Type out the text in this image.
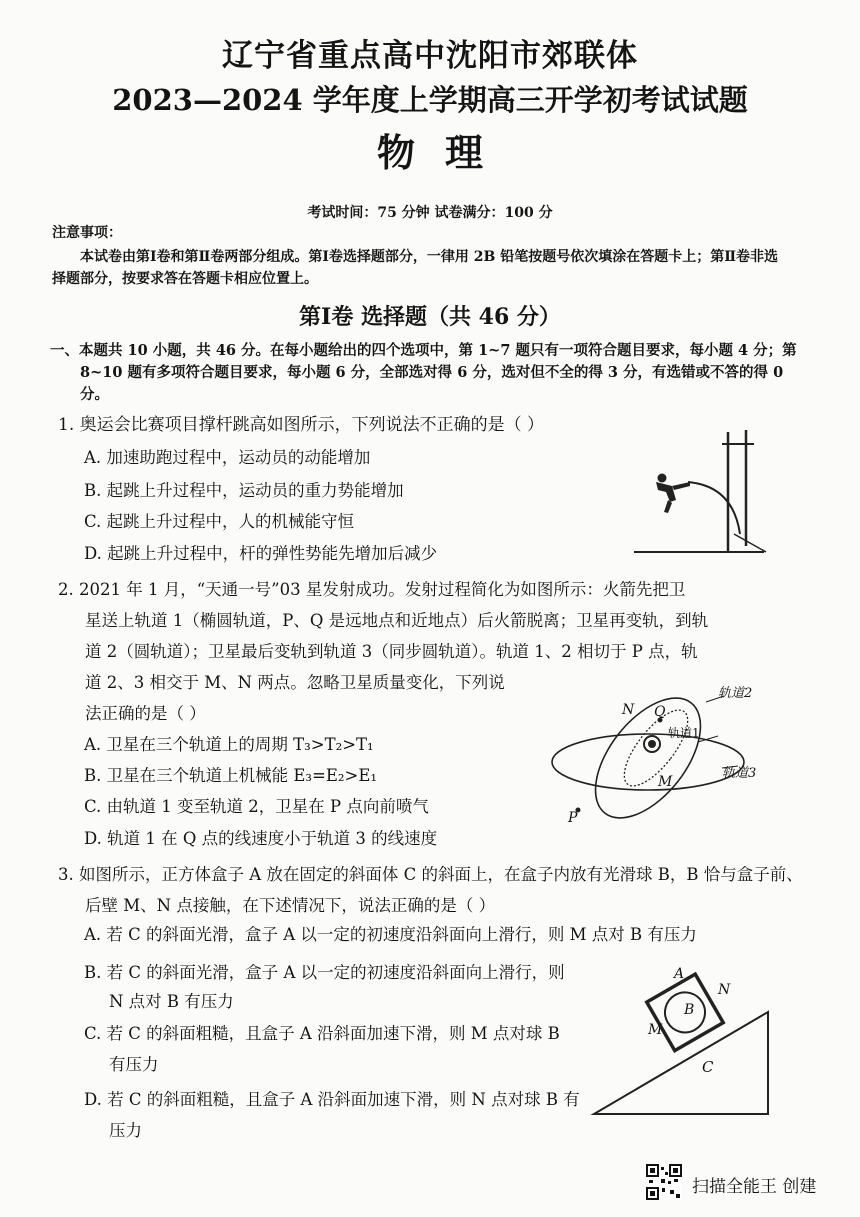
辽宁省重点高中沈阳市郊联体
2023—2024 学年度上学期高三开学初考试试题
物理
考试时间：75 分钟 试卷满分：100 分
注意事项：
本试卷由第Ⅰ卷和第Ⅱ卷两部分组成。第Ⅰ卷选择题部分，一律用 2B 铅笔按题号依次填涂在答题卡上；第Ⅱ卷非选择题部分，按要求答在答题卡相应位置上。
第Ⅰ卷 选择题（共 46 分）
一、本题共 10 小题，共 46 分。在每小题给出的四个选项中，第 1~7 题只有一项符合题目要求，每小题 4 分；第 8~10 题有多项符合题目要求，每小题 6 分，全部选对得 6 分，选对但不全的得 3 分，有选错或不答的得 0 分。
1. 奥运会比赛项目撑杆跳高如图所示，下列说法不正确的是（ ）
A. 加速助跑过程中，运动员的动能增加
B. 起跳上升过程中，运动员的重力势能增加
C. 起跳上升过程中，人的机械能守恒
D. 起跳上升过程中，杆的弹性势能先增加后减少
2. 2021 年 1 月，“天通一号”03 星发射成功。发射过程简化为如图所示：火箭先把卫
星送上轨道 1（椭圆轨道，P、Q 是远地点和近地点）后火箭脱离；卫星再变轨，到轨
道 2（圆轨道）；卫星最后变轨到轨道 3（同步圆轨道）。轨道 1、2 相切于 P 点，轨
道 2、3 相交于 M、N 两点。忽略卫星质量变化，下列说
法正确的是（ ）
A. 卫星在三个轨道上的周期 T₃>T₂>T₁
B. 卫星在三个轨道上机械能 E₃=E₂>E₁
C. 由轨道 1 变至轨道 2，卫星在 P 点向前喷气
D. 轨道 1 在 Q 点的线速度小于轨道 3 的线速度
轨道2
轨道1
轨道3
N Q
M
P
3. 如图所示，正方体盒子 A 放在固定的斜面体 C 的斜面上，在盒子内放有光滑球 B，B 恰与盒子前、后壁 M、N 点接触，在下述情况下，说法正确的是（ ）
A. 若 C 的斜面光滑，盒子 A 以一定的初速度沿斜面向上滑行，则 M 点对 B 有压力
B. 若 C 的斜面光滑，盒子 A 以一定的初速度沿斜面向上滑行，则 N 点对 B 有压力
C. 若 C 的斜面粗糙，且盒子 A 沿斜面加速下滑，则 M 点对球 B 有压力
D. 若 C 的斜面粗糙，且盒子 A 沿斜面加速下滑，则 N 点对球 B 有压力
A
N
B
M
C
扫描全能王 创建
